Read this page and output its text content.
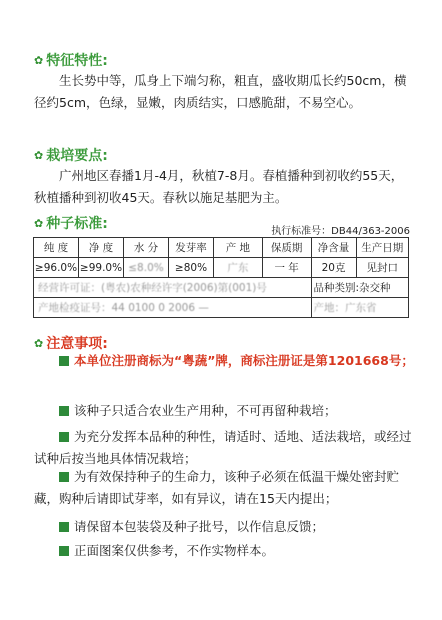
✿ 特征特性:
生长势中等，瓜身上下端匀称，粗直，盛收期瓜长约50cm，横径约5cm，色绿，显嫩，肉质结实，口感脆甜，不易空心。
✿ 栽培要点:
广州地区春播1月-4月，秋植7-8月。春植播种到初收约55天，秋植播种到初收45天。春秋以施足基肥为主。
✿ 种子标准:	执行标准号：DB44/363-2006
纯 度	净 度	水 分	发芽率	产 地	保质期	净含量	生产日期
≥96.0%	≥99.0%	≤8.0%	≥80%	广东	一 年	20克	见封口
经营许可证：(粤农)农种经许字(2006)第(001)号						品种类别:杂交种	
产地检疫证号：44 0100 0 2006 —						产地：广东省	
✿ 注意事项:
本单位注册商标为“粤蔬”牌，商标注册证是第1201668号；
该种子只适合农业生产用种，不可再留种栽培；
为充分发挥本品种的种性，请适时、适地、适法栽培，或经过试种后按当地具体情况栽培；
为有效保持种子的生命力，该种子必须在低温干燥处密封贮藏，购种后请即试芽率，如有异议，请在15天内提出；
请保留本包装袋及种子批号，以作信息反馈；
正面图案仅供参考，不作实物样本。
